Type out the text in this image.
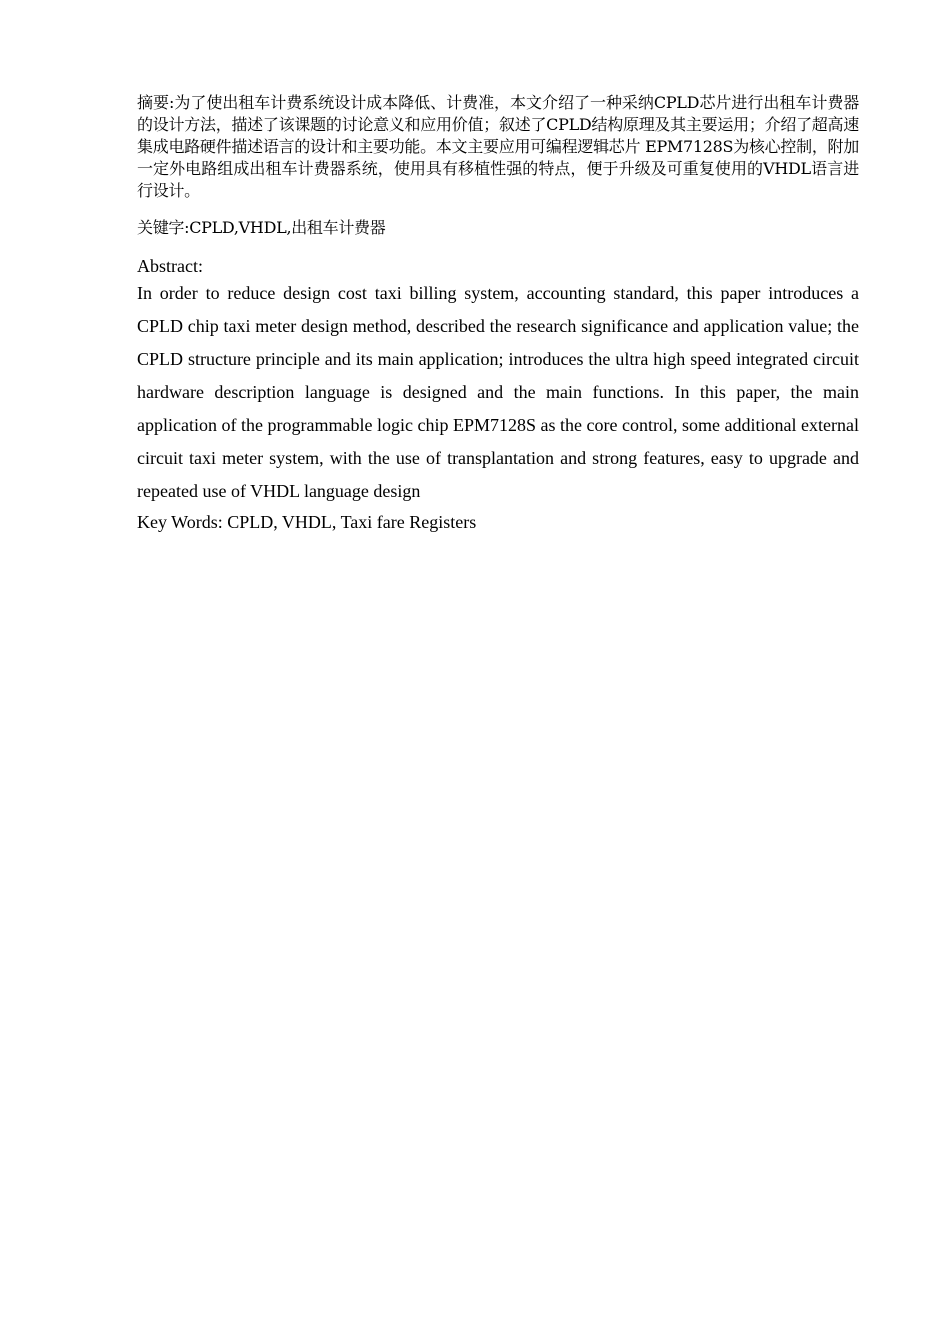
摘要:为了使出租车计费系统设计成本降低、计费准，本文介绍了一种采纳CPLD芯片进行出租车计费器的设计方法，描述了该课题的讨论意义和应用价值；叙述了CPLD结构原理及其主要运用；介绍了超高速集成电路硬件描述语言的设计和主要功能。本文主要应用可编程逻辑芯片 EPM7128S为核心控制，附加一定外电路组成出租车计费器系统，使用具有移植性强的特点，便于升级及可重复使用的VHDL语言进行设计。

关键字:CPLD,VHDL,出租车计费器

Abstract:

In order to reduce design cost taxi billing system, accounting standard, this paper introduces a CPLD chip taxi meter design method, described the research significance and application value; the CPLD structure principle and its main application; introduces the ultra high speed integrated circuit hardware description language is designed and the main functions. In this paper, the main application of the programmable logic chip EPM7128S as the core control, some additional external circuit taxi meter system, with the use of transplantation and strong features, easy to upgrade and repeated use of VHDL language design

Key Words: CPLD, VHDL, Taxi fare Registers
